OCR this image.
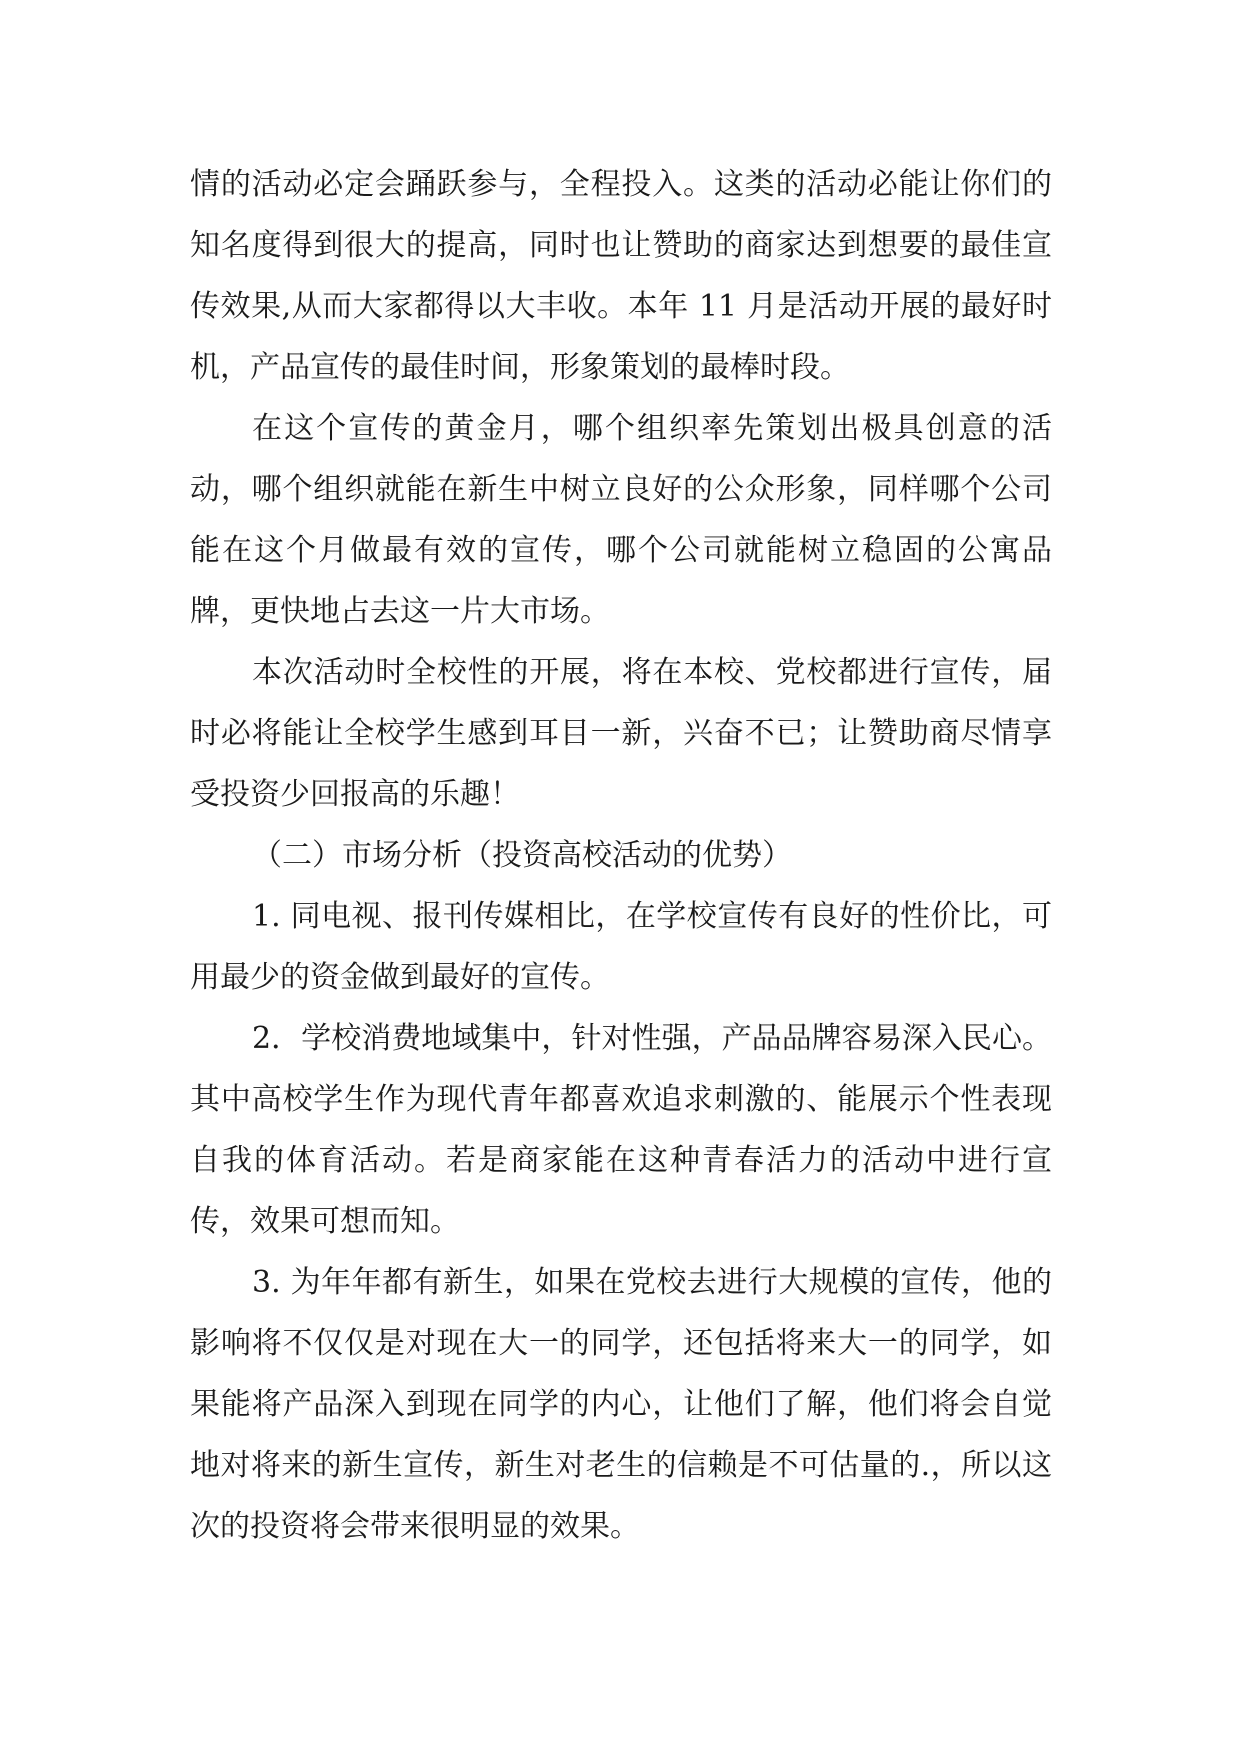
情的活动必定会踊跃参与，全程投入。这类的活动必能让你们的知名度得到很大的提高，同时也让赞助的商家达到想要的最佳宣传效果,从而大家都得以大丰收。本年 11 月是活动开展的最好时机，产品宣传的最佳时间，形象策划的最棒时段。

在这个宣传的黄金月，哪个组织率先策划出极具创意的活动，哪个组织就能在新生中树立良好的公众形象，同样哪个公司能在这个月做最有效的宣传，哪个公司就能树立稳固的公寓品牌，更快地占去这一片大市场。

本次活动时全校性的开展，将在本校、党校都进行宣传，届时必将能让全校学生感到耳目一新，兴奋不已；让赞助商尽情享受投资少回报高的乐趣！

（二）市场分析（投资高校活动的优势）

1. 同电视、报刊传媒相比，在学校宣传有良好的性价比，可用最少的资金做到最好的宣传。

2．学校消费地域集中，针对性强，产品品牌容易深入民心。其中高校学生作为现代青年都喜欢追求刺激的、能展示个性表现自我的体育活动。若是商家能在这种青春活力的活动中进行宣传，效果可想而知。

3. 为年年都有新生，如果在党校去进行大规模的宣传，他的影响将不仅仅是对现在大一的同学，还包括将来大一的同学，如果能将产品深入到现在同学的内心，让他们了解，他们将会自觉地对将来的新生宣传，新生对老生的信赖是不可估量的.，所以这次的投资将会带来很明显的效果。
